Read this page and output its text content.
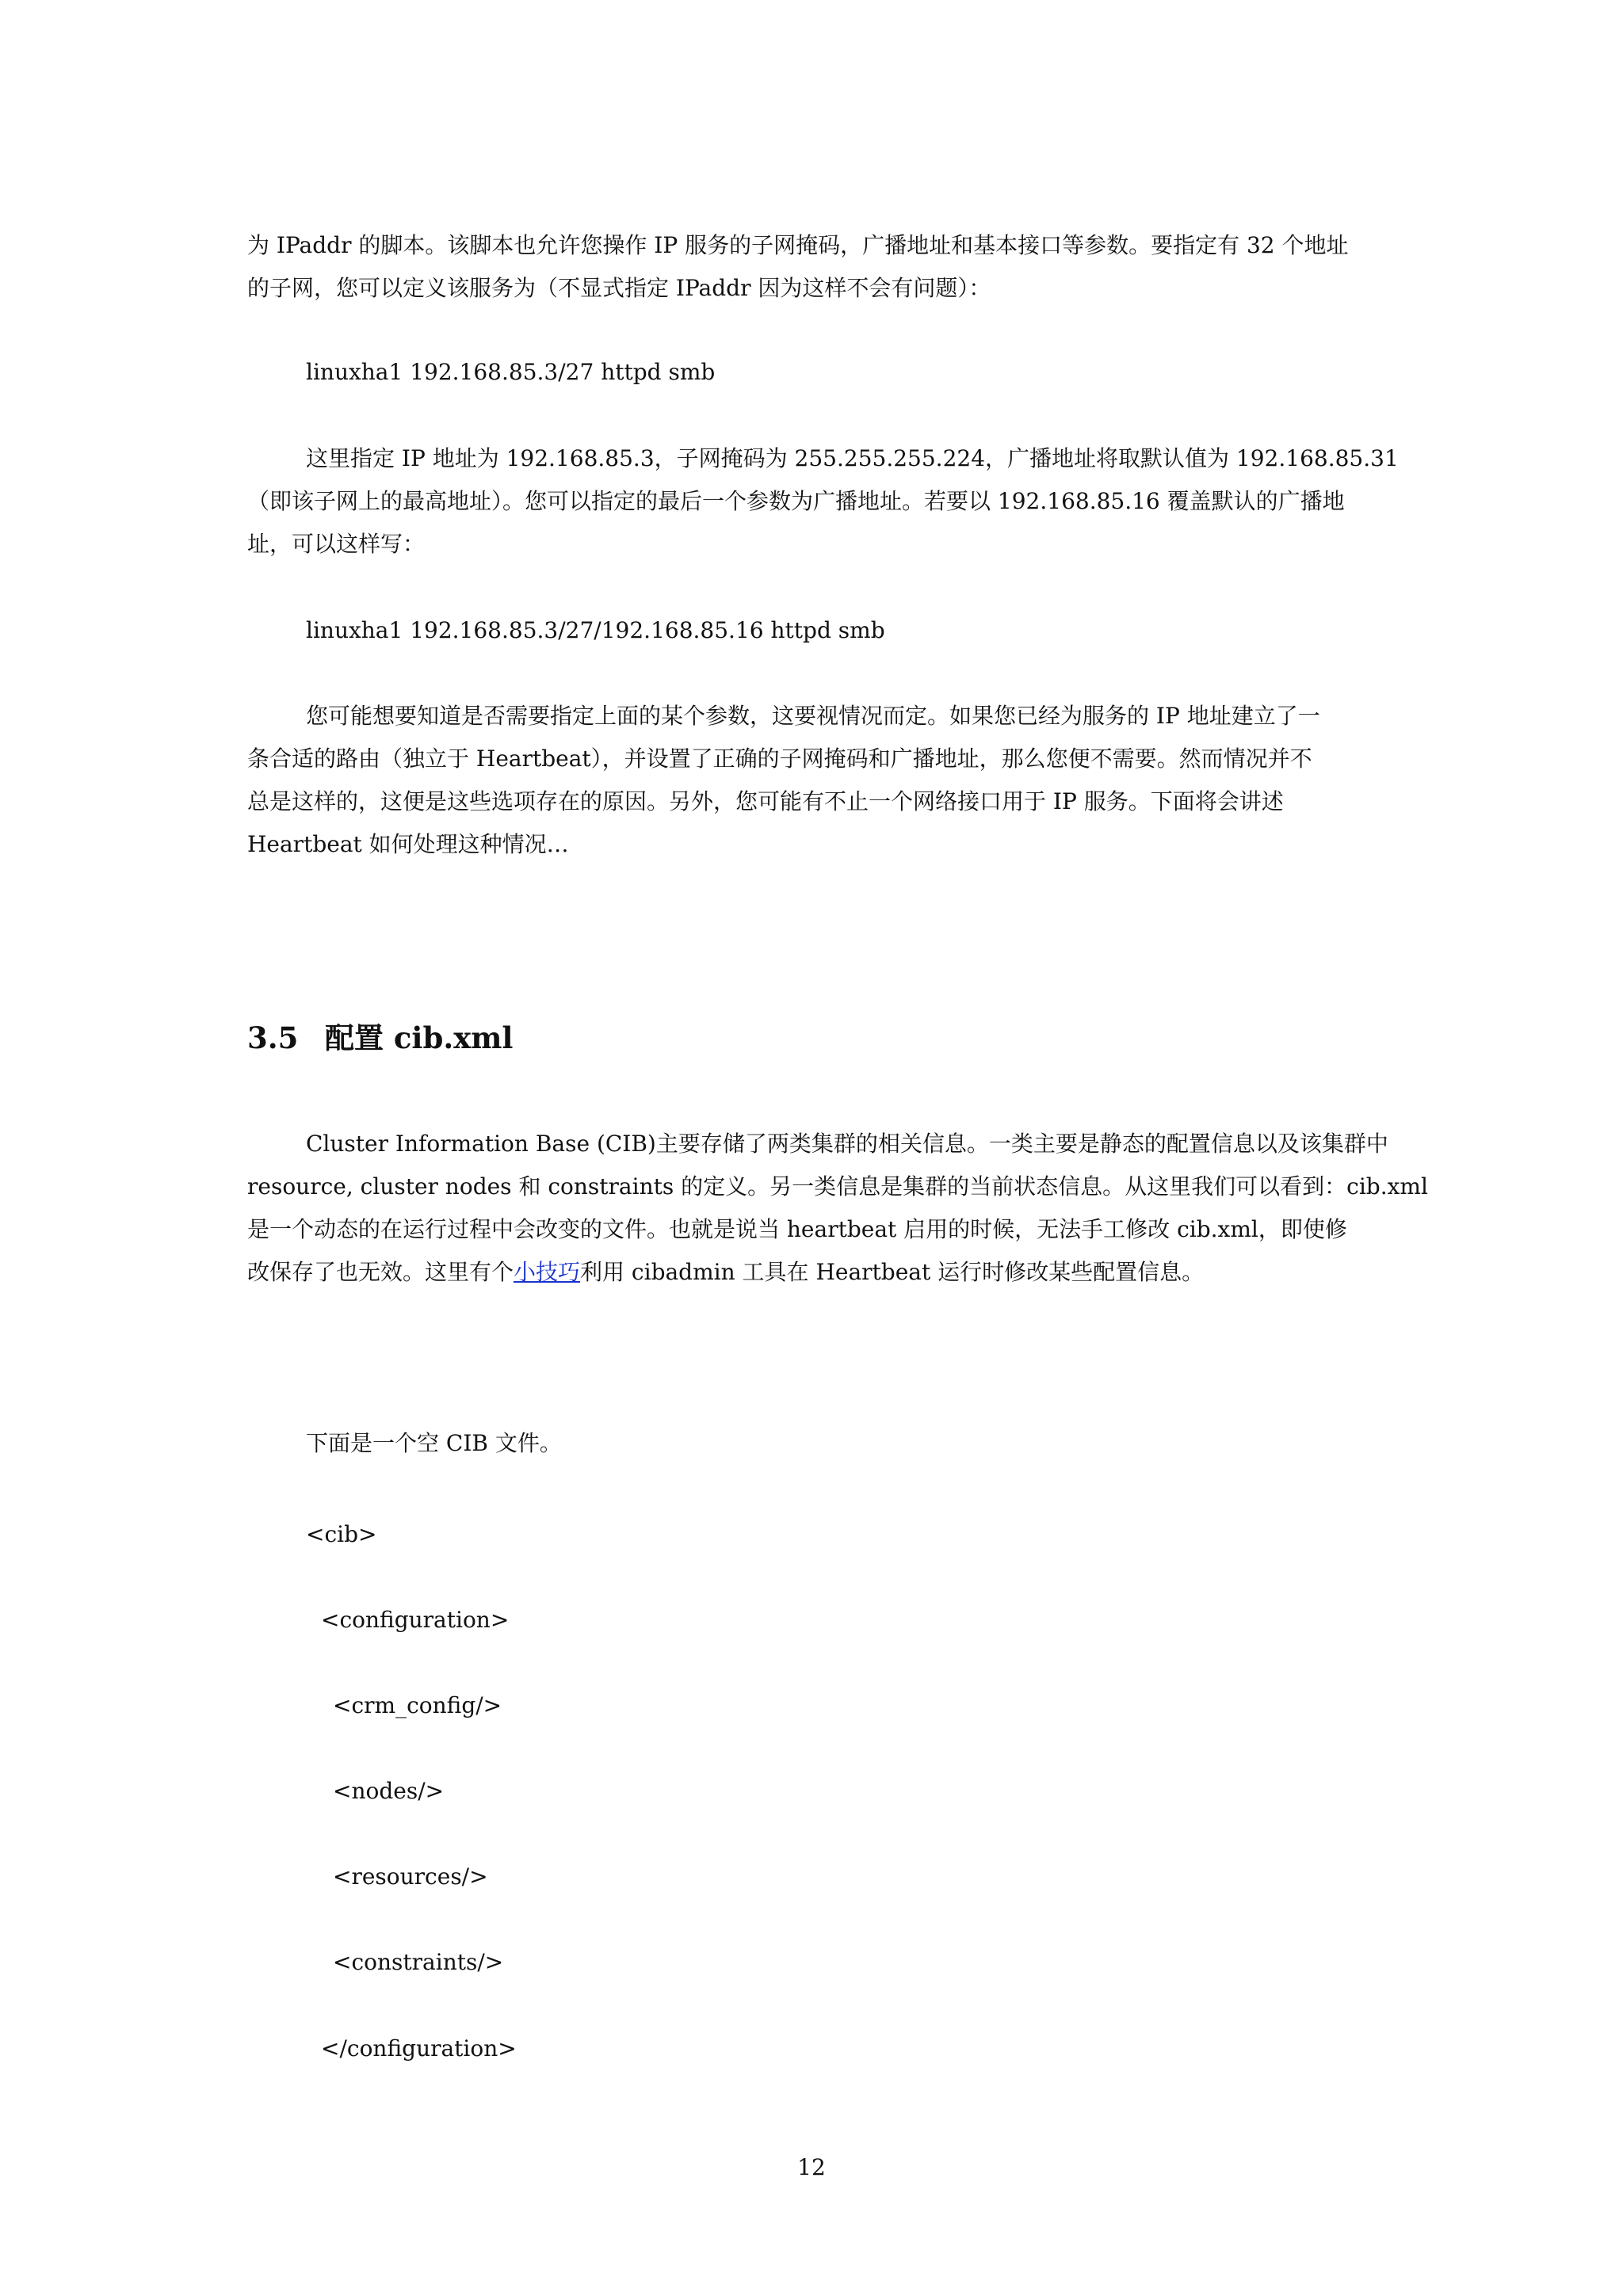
为 IPaddr 的脚本。该脚本也允许您操作 IP 服务的子网掩码，广播地址和基本接口等参数。要指定有 32 个地址
的子网，您可以定义该服务为（不显式指定 IPaddr 因为这样不会有问题）：
linuxha1 192.168.85.3/27 httpd smb
这里指定 IP 地址为 192.168.85.3，子网掩码为 255.255.255.224，广播地址将取默认值为 192.168.85.31
（即该子网上的最高地址）。您可以指定的最后一个参数为广播地址。若要以 192.168.85.16 覆盖默认的广播地
址，可以这样写：
linuxha1 192.168.85.3/27/192.168.85.16 httpd smb
您可能想要知道是否需要指定上面的某个参数，这要视情况而定。如果您已经为服务的 IP 地址建立了一
条合适的路由（独立于 Heartbeat），并设置了正确的子网掩码和广播地址，那么您便不需要。然而情况并不
总是这样的，这便是这些选项存在的原因。另外，您可能有不止一个网络接口用于 IP 服务。下面将会讲述
Heartbeat 如何处理这种情况…
3.5 配置 cib.xml
Cluster Information Base (CIB)主要存储了两类集群的相关信息。一类主要是静态的配置信息以及该集群中
resource, cluster nodes 和 constraints 的定义。另一类信息是集群的当前状态信息。从这里我们可以看到：cib.xml
是一个动态的在运行过程中会改变的文件。也就是说当 heartbeat 启用的时候，无法手工修改 cib.xml，即使修
改保存了也无效。这里有个小技巧利用 cibadmin 工具在 Heartbeat 运行时修改某些配置信息。
下面是一个空 CIB 文件。
<cib>
<configuration>
<crm_config/>
<nodes/>
<resources/>
<constraints/>
</configuration>
12
